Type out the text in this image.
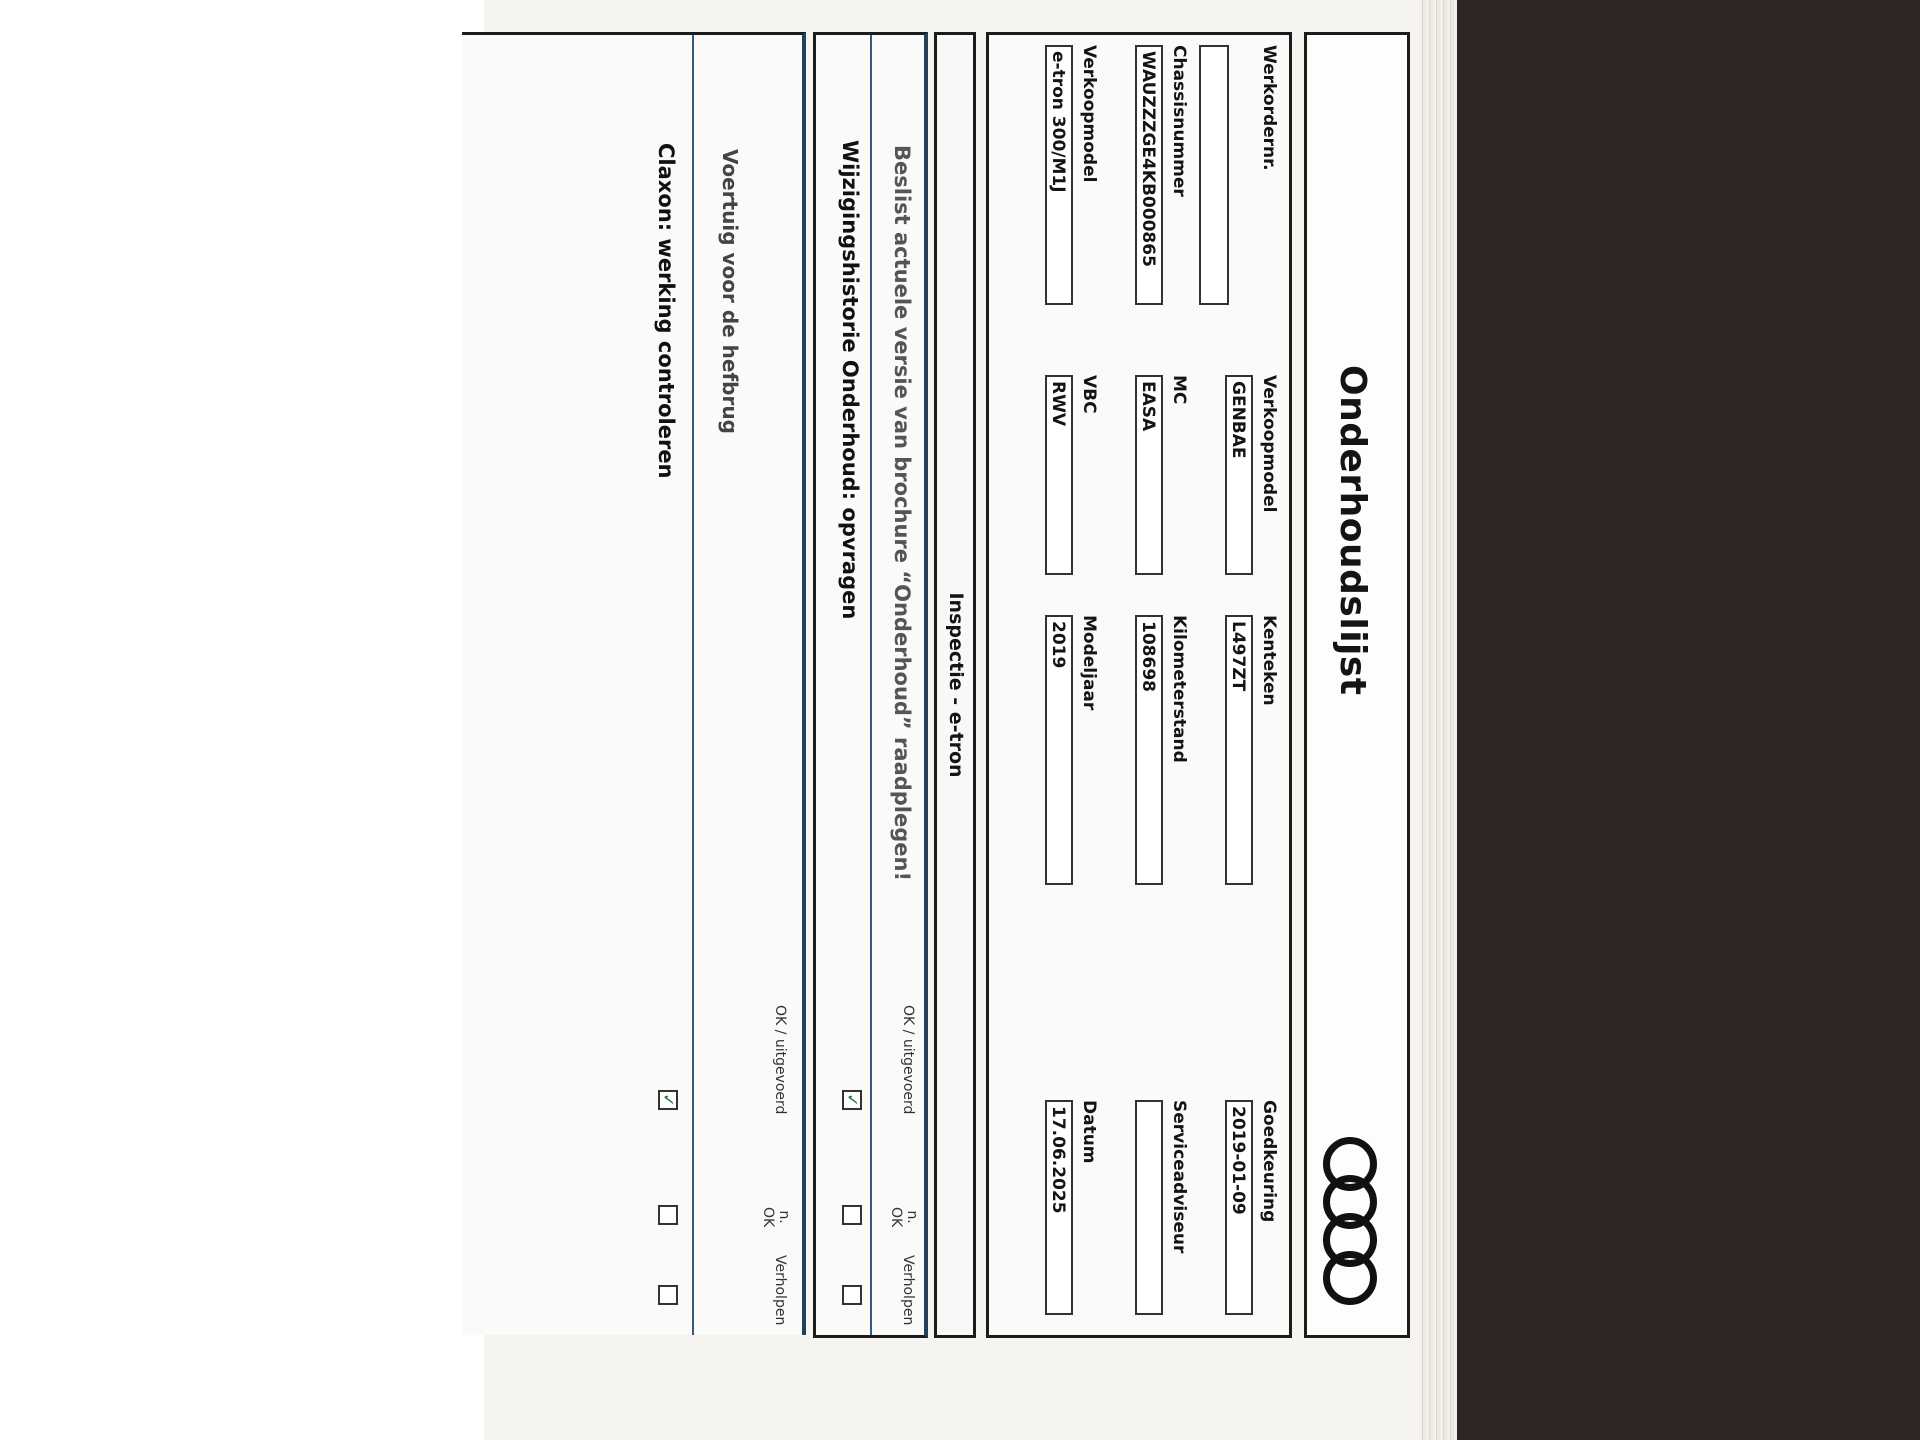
Onderhoudslijst
Werkordernr.
Verkoopmodel
GENBAE
Kenteken
L497ZT
Goedkeuring
2019-01-09
Chassisnummer
WAUZZZGE4KB000865
MC
EASA
Kilometerstand
108698
Serviceadviseur
Verkoopmodel
e-tron 300/M1J
VBC
RWV
Modeljaar
2019
Datum
17.06.2025
Inspectie - e-tron
Beslist actuele versie van brochure “Onderhoud” raadplegen!
OK / uitgevoerd
n.
OK
Verholpen
Wijzigingshistorie Onderhoud: opvragen
✓
OK / uitgevoerd
n.
OK
Verholpen
Voertuig voor de hefbrug
Claxon: werking controleren
✓
